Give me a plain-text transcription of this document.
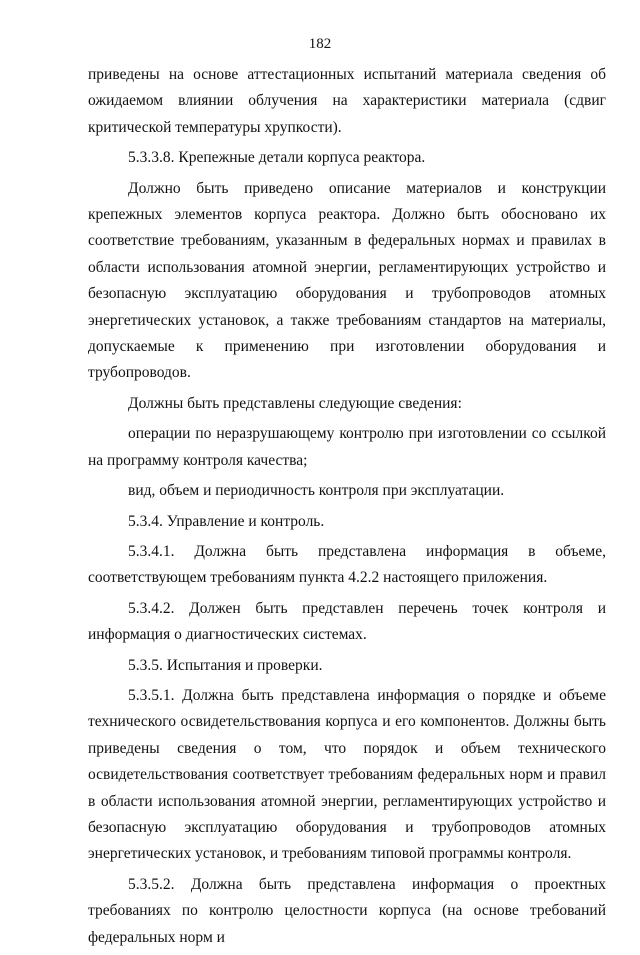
182

приведены на основе аттестационных испытаний материала сведения об ожидаемом влиянии облучения на характеристики материала (сдвиг критической температуры хрупкости).

5.3.3.8. Крепежные детали корпуса реактора.

Должно быть приведено описание материалов и конструкции крепежных элементов корпуса реактора. Должно быть обосновано их соответствие требованиям, указанным в федеральных нормах и правилах в области использования атомной энергии, регламентирующих устройство и безопасную эксплуатацию оборудования и трубопроводов атомных энергетических установок, а также требованиям стандартов на материалы, допускаемые к применению при изготовлении оборудования и трубопроводов.

Должны быть представлены следующие сведения:

операции по неразрушающему контролю при изготовлении со ссылкой на программу контроля качества;

вид, объем и периодичность контроля при эксплуатации.

5.3.4. Управление и контроль.

5.3.4.1. Должна быть представлена информация в объеме, соответствующем требованиям пункта 4.2.2 настоящего приложения.

5.3.4.2. Должен быть представлен перечень точек контроля и информация о диагностических системах.

5.3.5. Испытания и проверки.

5.3.5.1. Должна быть представлена информация о порядке и объеме технического освидетельствования корпуса и его компонентов. Должны быть приведены сведения о том, что порядок и объем технического освидетельствования соответствует требованиям федеральных норм и правил в области использования атомной энергии, регламентирующих устройство и безопасную эксплуатацию оборудования и трубопроводов атомных энергетических установок, и требованиям типовой программы контроля.

5.3.5.2. Должна быть представлена информация о проектных требованиях по контролю целостности корпуса (на основе требований федеральных норм и
